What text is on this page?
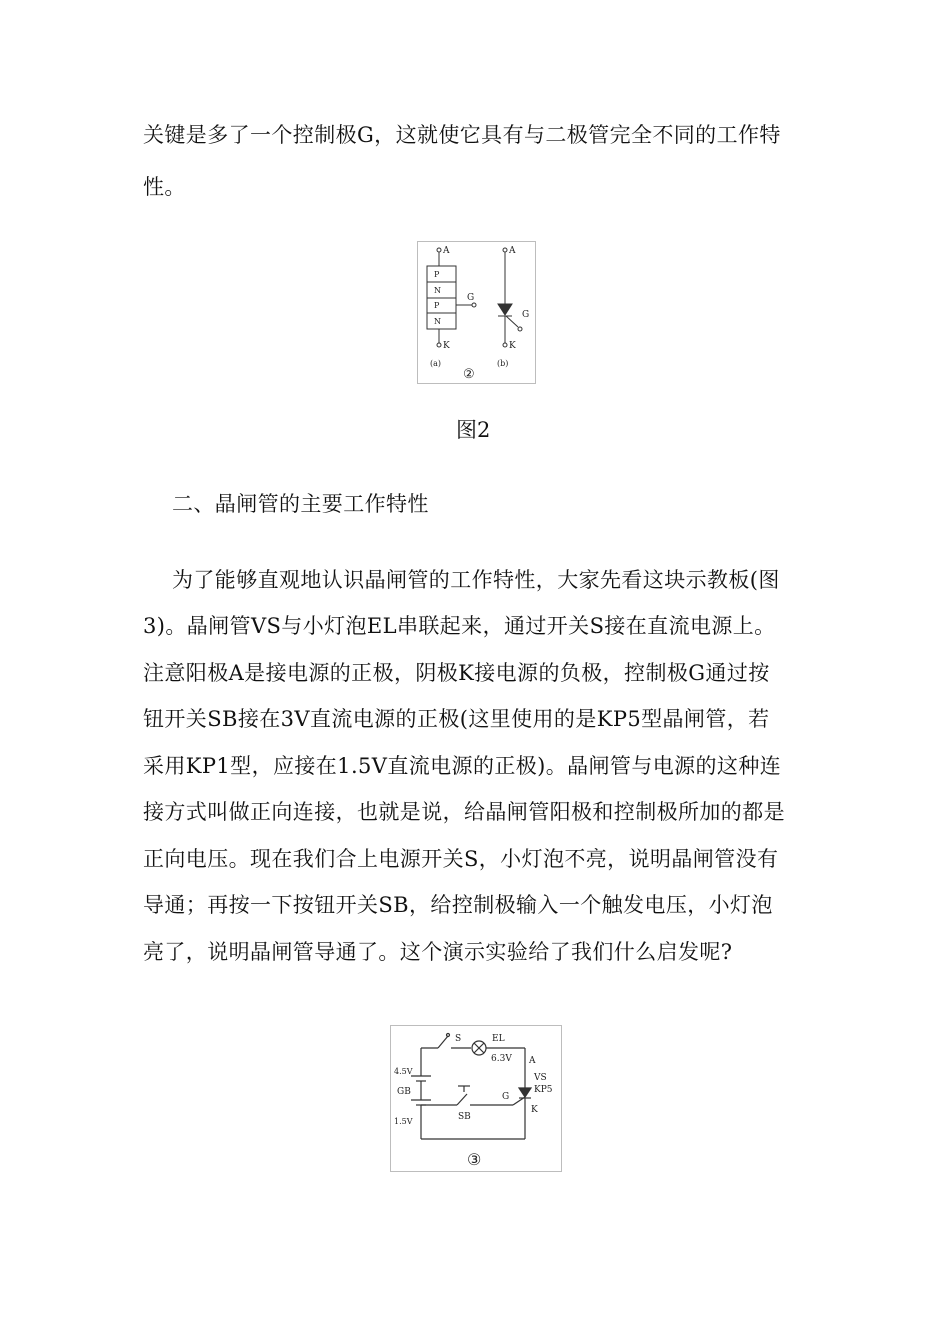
关键是多了一个控制极G，这就使它具有与二极管完全不同的工作特
性。
A
P
N
P
N
G
K
(a)
A
G
K
(b)
②
图2
二、晶闸管的主要工作特性
为了能够直观地认识晶闸管的工作特性，大家先看这块示教板(图
3)。晶闸管VS与小灯泡EL串联起来，通过开关S接在直流电源上。
注意阳极A是接电源的正极，阴极K接电源的负极，控制极G通过按
钮开关SB接在3V直流电源的正极(这里使用的是KP5型晶闸管，若
采用KP1型，应接在1.5V直流电源的正极)。晶闸管与电源的这种连
接方式叫做正向连接，也就是说，给晶闸管阳极和控制极所加的都是
正向电压。现在我们合上电源开关S，小灯泡不亮，说明晶闸管没有
导通；再按一下按钮开关SB，给控制极输入一个触发电压，小灯泡
亮了，说明晶闸管导通了。这个演示实验给了我们什么启发呢?
S	EL
6.3V A
VS
KP5
K
G
SB
GB
4.5V
1.5V
③
